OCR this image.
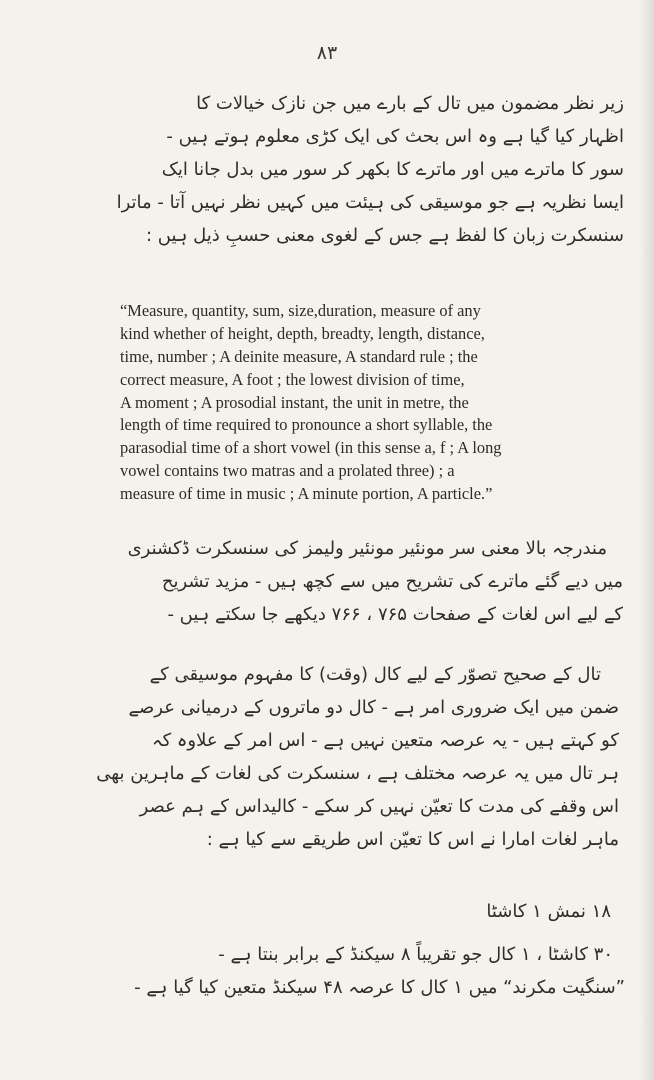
۸۳
زیر نظر مضمون میں تال کے بارے میں جن نازک خیالات کا
اظہار کیا گیا ہے وہ اس بحث کی ایک کڑی معلوم ہوتے ہیں -
سور کا ماترے میں اور ماترے کا بکھر کر سور میں بدل جانا ایک
ایسا نظریہ ہے جو موسیقی کی ہیئت میں کہیں نظر نہیں آتا - ماترا
سنسکرت زبان کا لفظ ہے جس کے لغوی معنی حسبِ ذیل ہیں :
“Measure, quantity, sum, size,duration, measure of any
kind whether of height, depth, breadty, length, distance,
time, number ; A deinite measure, A standard rule ; the
correct measure, A foot ; the lowest division of time,
A moment ; A prosodial instant, the unit in metre, the
length of time required to pronounce a short syllable, the
parasodial time of a short vowel (in this sense a, f ; A long
vowel contains two matras and a prolated three) ; a
measure of time in music ; A minute portion, A particle.”
مندرجہ بالا معنی سر مونئیر مونئیر ولیمز کی سنسکرت ڈکشنری
میں دیے گئے ماترے کی تشریح میں سے کچھ ہیں - مزید تشریح
کے لیے اس لغات کے صفحات ۷۶۵ ، ۷۶۶ دیکھے جا سکتے ہیں -
تال کے صحیح تصوّر کے لیے کال (وقت) کا مفہوم موسیقی کے
ضمن میں ایک ضروری امر ہے - کال دو ماتروں کے درمیانی عرصے
کو کہتے ہیں - یہ عرصہ متعین نہیں ہے - اس امر کے علاوہ کہ
ہر تال میں یہ عرصہ مختلف ہے ، سنسکرت کی لغات کے ماہرین بھی
اس وقفے کی مدت کا تعیّن نہیں کر سکے - کالیداس کے ہم عصر
ماہر لغات امارا نے اس کا تعیّن اس طریقے سے کیا ہے :
۱۸ نمش ۱ کاشٹا
۳۰ کاشٹا ، ۱ کال جو تقریباً ۸ سیکنڈ کے برابر بنتا ہے -
”سنگیت مکرند“ میں ۱ کال کا عرصہ ۴۸ سیکنڈ متعین کیا گیا ہے -
